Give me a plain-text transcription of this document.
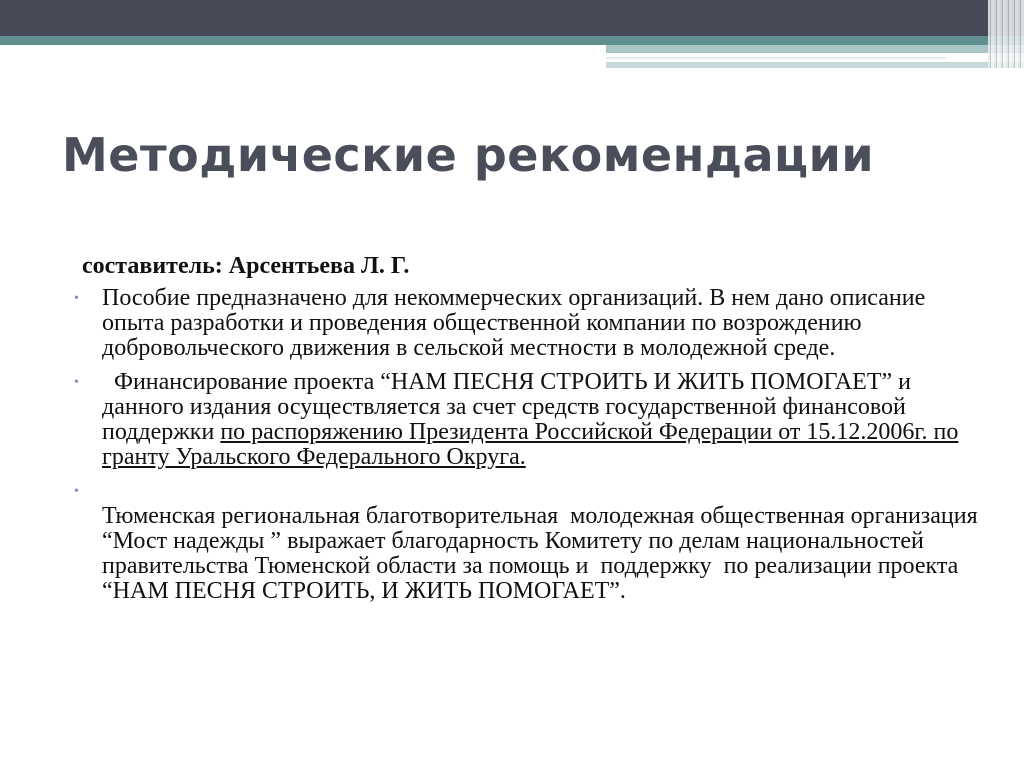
Методические рекомендации
составитель: Арсентьева Л. Г.
• Пособие предназначено для некоммерческих организаций. В нем дано описание опыта разработки и проведения общественной компании по возрождению добровольческого движения в сельской местности в молодежной среде.
• Финансирование проекта “НАМ ПЕСНЯ СТРОИТЬ И ЖИТЬ ПОМОГАЕТ” и данного издания осуществляется за счет средств государственной финансовой поддержки по распоряжению Президента Российской Федерации от 15.12.2006г. по гранту Уральского Федерального Округа.
•
Тюменская региональная благотворительная  молодежная общественная организация  “Мост надежды ” выражает благодарность Комитету по делам национальностей правительства Тюменской области за помощь и  поддержку  по реализации проекта  “НАМ ПЕСНЯ СТРОИТЬ, И ЖИТЬ ПОМОГАЕТ”.
